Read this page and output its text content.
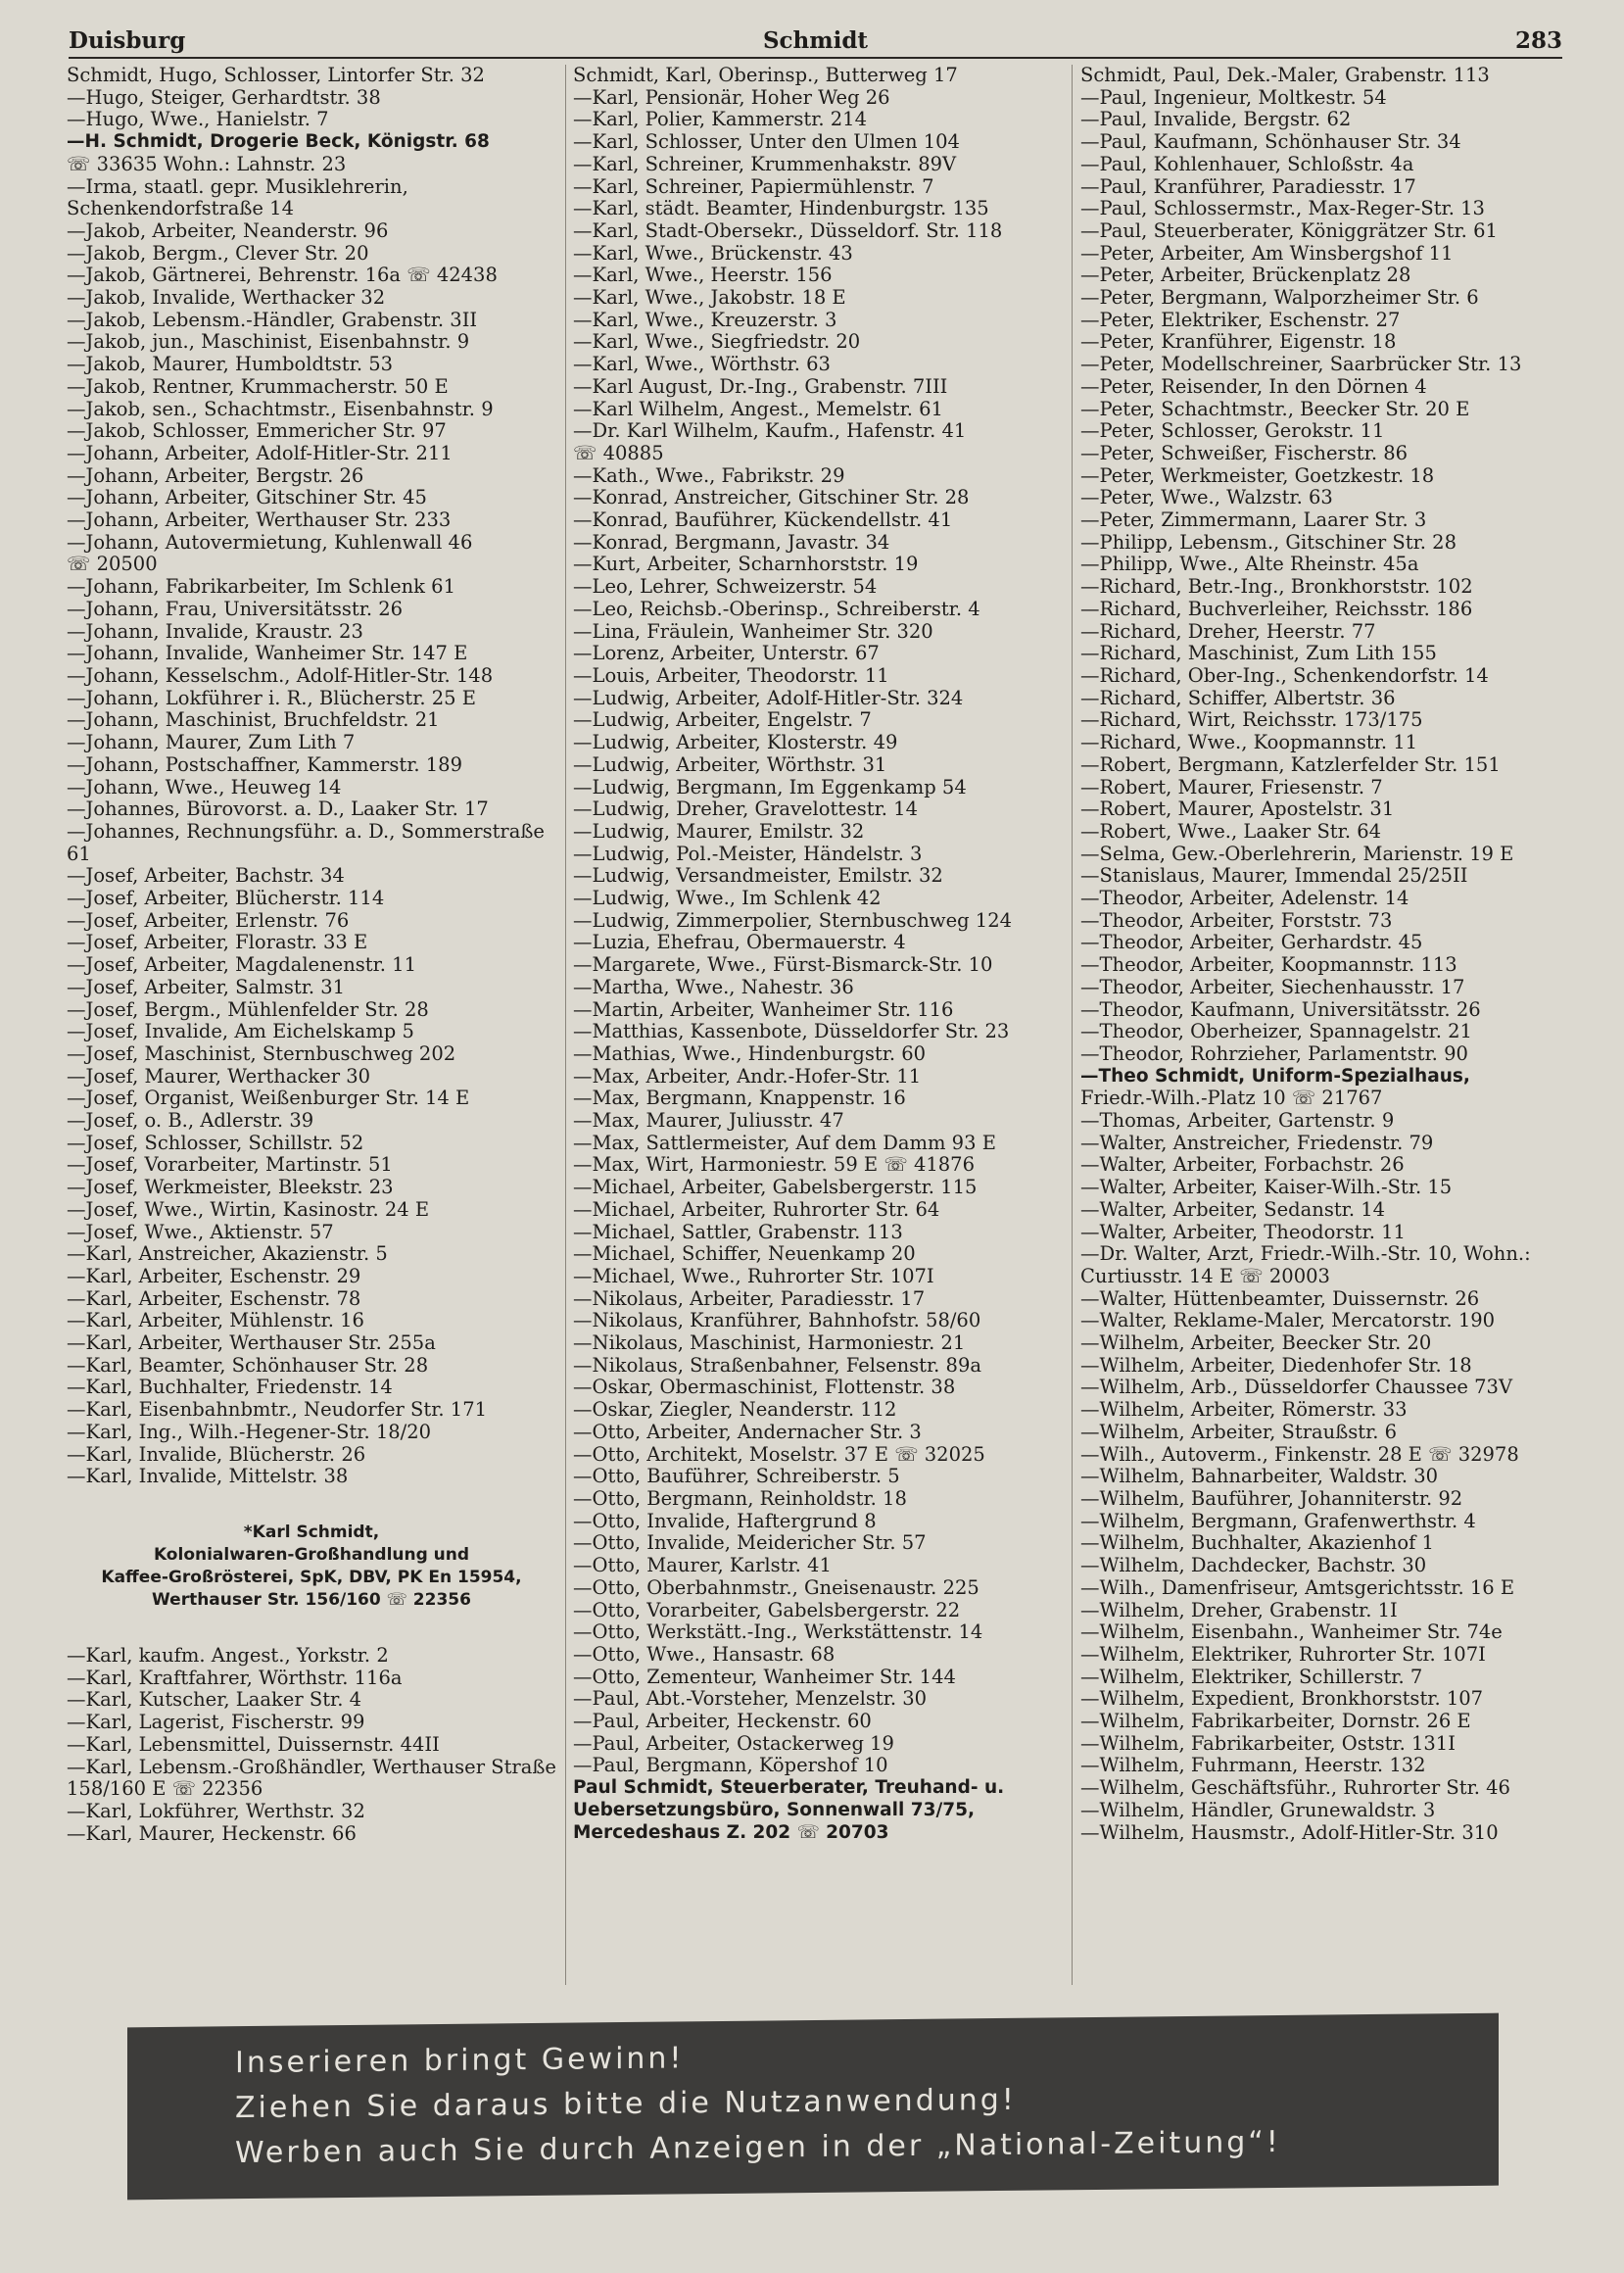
Schmidt
Duisburg	283
Schmidt, Hugo, Schlosser, Lintorfer Str. 32
—Hugo, Steiger, Gerhardtstr. 38
—Hugo, Wwe., Hanielstr. 7
—H. Schmidt, Drogerie Beck, Königstr. 68
☏ 33635 Wohn.: Lahnstr. 23
—Irma, staatl. gepr. Musiklehrerin, Schenkendorfstraße 14
—Jakob, Arbeiter, Neanderstr. 96
—Jakob, Bergm., Clever Str. 20
—Jakob, Gärtnerei, Behrenstr. 16a ☏ 42438
—Jakob, Invalide, Werthacker 32
—Jakob, Lebensm.-Händler, Grabenstr. 3II
—Jakob, jun., Maschinist, Eisenbahnstr. 9
—Jakob, Maurer, Humboldtstr. 53
—Jakob, Rentner, Krummacherstr. 50 E
—Jakob, sen., Schachtmstr., Eisenbahnstr. 9
—Jakob, Schlosser, Emmericher Str. 97
—Johann, Arbeiter, Adolf-Hitler-Str. 211
—Johann, Arbeiter, Bergstr. 26
—Johann, Arbeiter, Gitschiner Str. 45
—Johann, Arbeiter, Werthauser Str. 233
—Johann, Autovermietung, Kuhlenwall 46
☏ 20500
—Johann, Fabrikarbeiter, Im Schlenk 61
—Johann, Frau, Universitätsstr. 26
—Johann, Invalide, Kraustr. 23
—Johann, Invalide, Wanheimer Str. 147 E
—Johann, Kesselschm., Adolf-Hitler-Str. 148
—Johann, Lokführer i. R., Blücherstr. 25 E
—Johann, Maschinist, Bruchfeldstr. 21
—Johann, Maurer, Zum Lith 7
—Johann, Postschaffner, Kammerstr. 189
—Johann, Wwe., Heuweg 14
—Johannes, Bürovorst. a. D., Laaker Str. 17
—Johannes, Rechnungsführ. a. D., Sommerstraße 61
—Josef, Arbeiter, Bachstr. 34
—Josef, Arbeiter, Blücherstr. 114
—Josef, Arbeiter, Erlenstr. 76
—Josef, Arbeiter, Florastr. 33 E
—Josef, Arbeiter, Magdalenenstr. 11
—Josef, Arbeiter, Salmstr. 31
—Josef, Bergm., Mühlenfelder Str. 28
—Josef, Invalide, Am Eichelskamp 5
—Josef, Maschinist, Sternbuschweg 202
—Josef, Maurer, Werthacker 30
—Josef, Organist, Weißenburger Str. 14 E
—Josef, o. B., Adlerstr. 39
—Josef, Schlosser, Schillstr. 52
—Josef, Vorarbeiter, Martinstr. 51
—Josef, Werkmeister, Bleekstr. 23
—Josef, Wwe., Wirtin, Kasinostr. 24 E
—Josef, Wwe., Aktienstr. 57
—Karl, Anstreicher, Akazienstr. 5
—Karl, Arbeiter, Eschenstr. 29
—Karl, Arbeiter, Eschenstr. 78
—Karl, Arbeiter, Mühlenstr. 16
—Karl, Arbeiter, Werthauser Str. 255a
—Karl, Beamter, Schönhauser Str. 28
—Karl, Buchhalter, Friedenstr. 14
—Karl, Eisenbahnbmtr., Neudorfer Str. 171
—Karl, Ing., Wilh.-Hegener-Str. 18/20
—Karl, Invalide, Blücherstr. 26
—Karl, Invalide, Mittelstr. 38
*Karl Schmidt,
Kolonialwaren-Großhandlung und
Kaffee-Großrösterei, SpK, DBV, PK En 15954,
Werthauser Str. 156/160 ☏ 22356
—Karl, kaufm. Angest., Yorkstr. 2
—Karl, Kraftfahrer, Wörthstr. 116a
—Karl, Kutscher, Laaker Str. 4
—Karl, Lagerist, Fischerstr. 99
—Karl, Lebensmittel, Duissernstr. 44II
—Karl, Lebensm.-Großhändler, Werthauser Straße 158/160 E ☏ 22356
—Karl, Lokführer, Werthstr. 32
—Karl, Maurer, Heckenstr. 66
Schmidt, Karl, Oberinsp., Butterweg 17
—Karl, Pensionär, Hoher Weg 26
—Karl, Polier, Kammerstr. 214
—Karl, Schlosser, Unter den Ulmen 104
—Karl, Schreiner, Krummenhakstr. 89V
—Karl, Schreiner, Papiermühlenstr. 7
—Karl, städt. Beamter, Hindenburgstr. 135
—Karl, Stadt-Obersekr., Düsseldorf. Str. 118
—Karl, Wwe., Brückenstr. 43
—Karl, Wwe., Heerstr. 156
—Karl, Wwe., Jakobstr. 18 E
—Karl, Wwe., Kreuzerstr. 3
—Karl, Wwe., Siegfriedstr. 20
—Karl, Wwe., Wörthstr. 63
—Karl August, Dr.-Ing., Grabenstr. 7III
—Karl Wilhelm, Angest., Memelstr. 61
—Dr. Karl Wilhelm, Kaufm., Hafenstr. 41
☏ 40885
—Kath., Wwe., Fabrikstr. 29
—Konrad, Anstreicher, Gitschiner Str. 28
—Konrad, Bauführer, Kückendellstr. 41
—Konrad, Bergmann, Javastr. 34
—Kurt, Arbeiter, Scharnhorststr. 19
—Leo, Lehrer, Schweizerstr. 54
—Leo, Reichsb.-Oberinsp., Schreiberstr. 4
—Lina, Fräulein, Wanheimer Str. 320
—Lorenz, Arbeiter, Unterstr. 67
—Louis, Arbeiter, Theodorstr. 11
—Ludwig, Arbeiter, Adolf-Hitler-Str. 324
—Ludwig, Arbeiter, Engelstr. 7
—Ludwig, Arbeiter, Klosterstr. 49
—Ludwig, Arbeiter, Wörthstr. 31
—Ludwig, Bergmann, Im Eggenkamp 54
—Ludwig, Dreher, Gravelottestr. 14
—Ludwig, Maurer, Emilstr. 32
—Ludwig, Pol.-Meister, Händelstr. 3
—Ludwig, Versandmeister, Emilstr. 32
—Ludwig, Wwe., Im Schlenk 42
—Ludwig, Zimmerpolier, Sternbuschweg 124
—Luzia, Ehefrau, Obermauerstr. 4
—Margarete, Wwe., Fürst-Bismarck-Str. 10
—Martha, Wwe., Nahestr. 36
—Martin, Arbeiter, Wanheimer Str. 116
—Matthias, Kassenbote, Düsseldorfer Str. 23
—Mathias, Wwe., Hindenburgstr. 60
—Max, Arbeiter, Andr.-Hofer-Str. 11
—Max, Bergmann, Knappenstr. 16
—Max, Maurer, Juliusstr. 47
—Max, Sattlermeister, Auf dem Damm 93 E
—Max, Wirt, Harmoniestr. 59 E ☏ 41876
—Michael, Arbeiter, Gabelsbergerstr. 115
—Michael, Arbeiter, Ruhrorter Str. 64
—Michael, Sattler, Grabenstr. 113
—Michael, Schiffer, Neuenkamp 20
—Michael, Wwe., Ruhrorter Str. 107I
—Nikolaus, Arbeiter, Paradiesstr. 17
—Nikolaus, Kranführer, Bahnhofstr. 58/60
—Nikolaus, Maschinist, Harmoniestr. 21
—Nikolaus, Straßenbahner, Felsenstr. 89a
—Oskar, Obermaschinist, Flottenstr. 38
—Oskar, Ziegler, Neanderstr. 112
—Otto, Arbeiter, Andernacher Str. 3
—Otto, Architekt, Moselstr. 37 E ☏ 32025
—Otto, Bauführer, Schreiberstr. 5
—Otto, Bergmann, Reinholdstr. 18
—Otto, Invalide, Haftergrund 8
—Otto, Invalide, Meidericher Str. 57
—Otto, Maurer, Karlstr. 41
—Otto, Oberbahnmstr., Gneisenaustr. 225
—Otto, Vorarbeiter, Gabelsbergerstr. 22
—Otto, Werkstätt.-Ing., Werkstättenstr. 14
—Otto, Wwe., Hansastr. 68
—Otto, Zementeur, Wanheimer Str. 144
—Paul, Abt.-Vorsteher, Menzelstr. 30
—Paul, Arbeiter, Heckenstr. 60
—Paul, Arbeiter, Ostackerweg 19
—Paul, Bergmann, Köpershof 10
Paul Schmidt, Steuerberater, Treuhand- u. Uebersetzungsbüro, Sonnenwall 73/75, Mercedeshaus Z. 202 ☏ 20703
Schmidt, Paul, Dek.-Maler, Grabenstr. 113
—Paul, Ingenieur, Moltkestr. 54
—Paul, Invalide, Bergstr. 62
—Paul, Kaufmann, Schönhauser Str. 34
—Paul, Kohlenhauer, Schloßstr. 4a
—Paul, Kranführer, Paradiesstr. 17
—Paul, Schlossermstr., Max-Reger-Str. 13
—Paul, Steuerberater, Königgrätzer Str. 61
—Peter, Arbeiter, Am Winsbergshof 11
—Peter, Arbeiter, Brückenplatz 28
—Peter, Bergmann, Walporzheimer Str. 6
—Peter, Elektriker, Eschenstr. 27
—Peter, Kranführer, Eigenstr. 18
—Peter, Modellschreiner, Saarbrücker Str. 13
—Peter, Reisender, In den Dörnen 4
—Peter, Schachtmstr., Beecker Str. 20 E
—Peter, Schlosser, Gerokstr. 11
—Peter, Schweißer, Fischerstr. 86
—Peter, Werkmeister, Goetzkestr. 18
—Peter, Wwe., Walzstr. 63
—Peter, Zimmermann, Laarer Str. 3
—Philipp, Lebensm., Gitschiner Str. 28
—Philipp, Wwe., Alte Rheinstr. 45a
—Richard, Betr.-Ing., Bronkhorststr. 102
—Richard, Buchverleiher, Reichsstr. 186
—Richard, Dreher, Heerstr. 77
—Richard, Maschinist, Zum Lith 155
—Richard, Ober-Ing., Schenkendorfstr. 14
—Richard, Schiffer, Albertstr. 36
—Richard, Wirt, Reichsstr. 173/175
—Richard, Wwe., Koopmannstr. 11
—Robert, Bergmann, Katzlerfelder Str. 151
—Robert, Maurer, Friesenstr. 7
—Robert, Maurer, Apostelstr. 31
—Robert, Wwe., Laaker Str. 64
—Selma, Gew.-Oberlehrerin, Marienstr. 19 E
—Stanislaus, Maurer, Immendal 25/25II
—Theodor, Arbeiter, Adelenstr. 14
—Theodor, Arbeiter, Forststr. 73
—Theodor, Arbeiter, Gerhardstr. 45
—Theodor, Arbeiter, Koopmannstr. 113
—Theodor, Arbeiter, Siechenhausstr. 17
—Theodor, Kaufmann, Universitätsstr. 26
—Theodor, Oberheizer, Spannagelstr. 21
—Theodor, Rohrzieher, Parlamentstr. 90
—Theo Schmidt, Uniform-Spezialhaus,
Friedr.-Wilh.-Platz 10 ☏ 21767
—Thomas, Arbeiter, Gartenstr. 9
—Walter, Anstreicher, Friedenstr. 79
—Walter, Arbeiter, Forbachstr. 26
—Walter, Arbeiter, Kaiser-Wilh.-Str. 15
—Walter, Arbeiter, Sedanstr. 14
—Walter, Arbeiter, Theodorstr. 11
—Dr. Walter, Arzt, Friedr.-Wilh.-Str. 10, Wohn.: Curtiusstr. 14 E ☏ 20003
—Walter, Hüttenbeamter, Duissernstr. 26
—Walter, Reklame-Maler, Mercatorstr. 190
—Wilhelm, Arbeiter, Beecker Str. 20
—Wilhelm, Arbeiter, Diedenhofer Str. 18
—Wilhelm, Arb., Düsseldorfer Chaussee 73V
—Wilhelm, Arbeiter, Römerstr. 33
—Wilhelm, Arbeiter, Straußstr. 6
—Wilh., Autoverm., Finkenstr. 28 E ☏ 32978
—Wilhelm, Bahnarbeiter, Waldstr. 30
—Wilhelm, Bauführer, Johanniterstr. 92
—Wilhelm, Bergmann, Grafenwerthstr. 4
—Wilhelm, Buchhalter, Akazienhof 1
—Wilhelm, Dachdecker, Bachstr. 30
—Wilh., Damenfriseur, Amtsgerichtsstr. 16 E
—Wilhelm, Dreher, Grabenstr. 1I
—Wilhelm, Eisenbahn., Wanheimer Str. 74e
—Wilhelm, Elektriker, Ruhrorter Str. 107I
—Wilhelm, Elektriker, Schillerstr. 7
—Wilhelm, Expedient, Bronkhorststr. 107
—Wilhelm, Fabrikarbeiter, Dornstr. 26 E
—Wilhelm, Fabrikarbeiter, Oststr. 131I
—Wilhelm, Fuhrmann, Heerstr. 132
—Wilhelm, Geschäftsführ., Ruhrorter Str. 46
—Wilhelm, Händler, Grunewaldstr. 3
—Wilhelm, Hausmstr., Adolf-Hitler-Str. 310
Inserieren bringt Gewinn!
Ziehen Sie daraus bitte die Nutzanwendung!
Werben auch Sie durch Anzeigen in der „National-Zeitung“!
